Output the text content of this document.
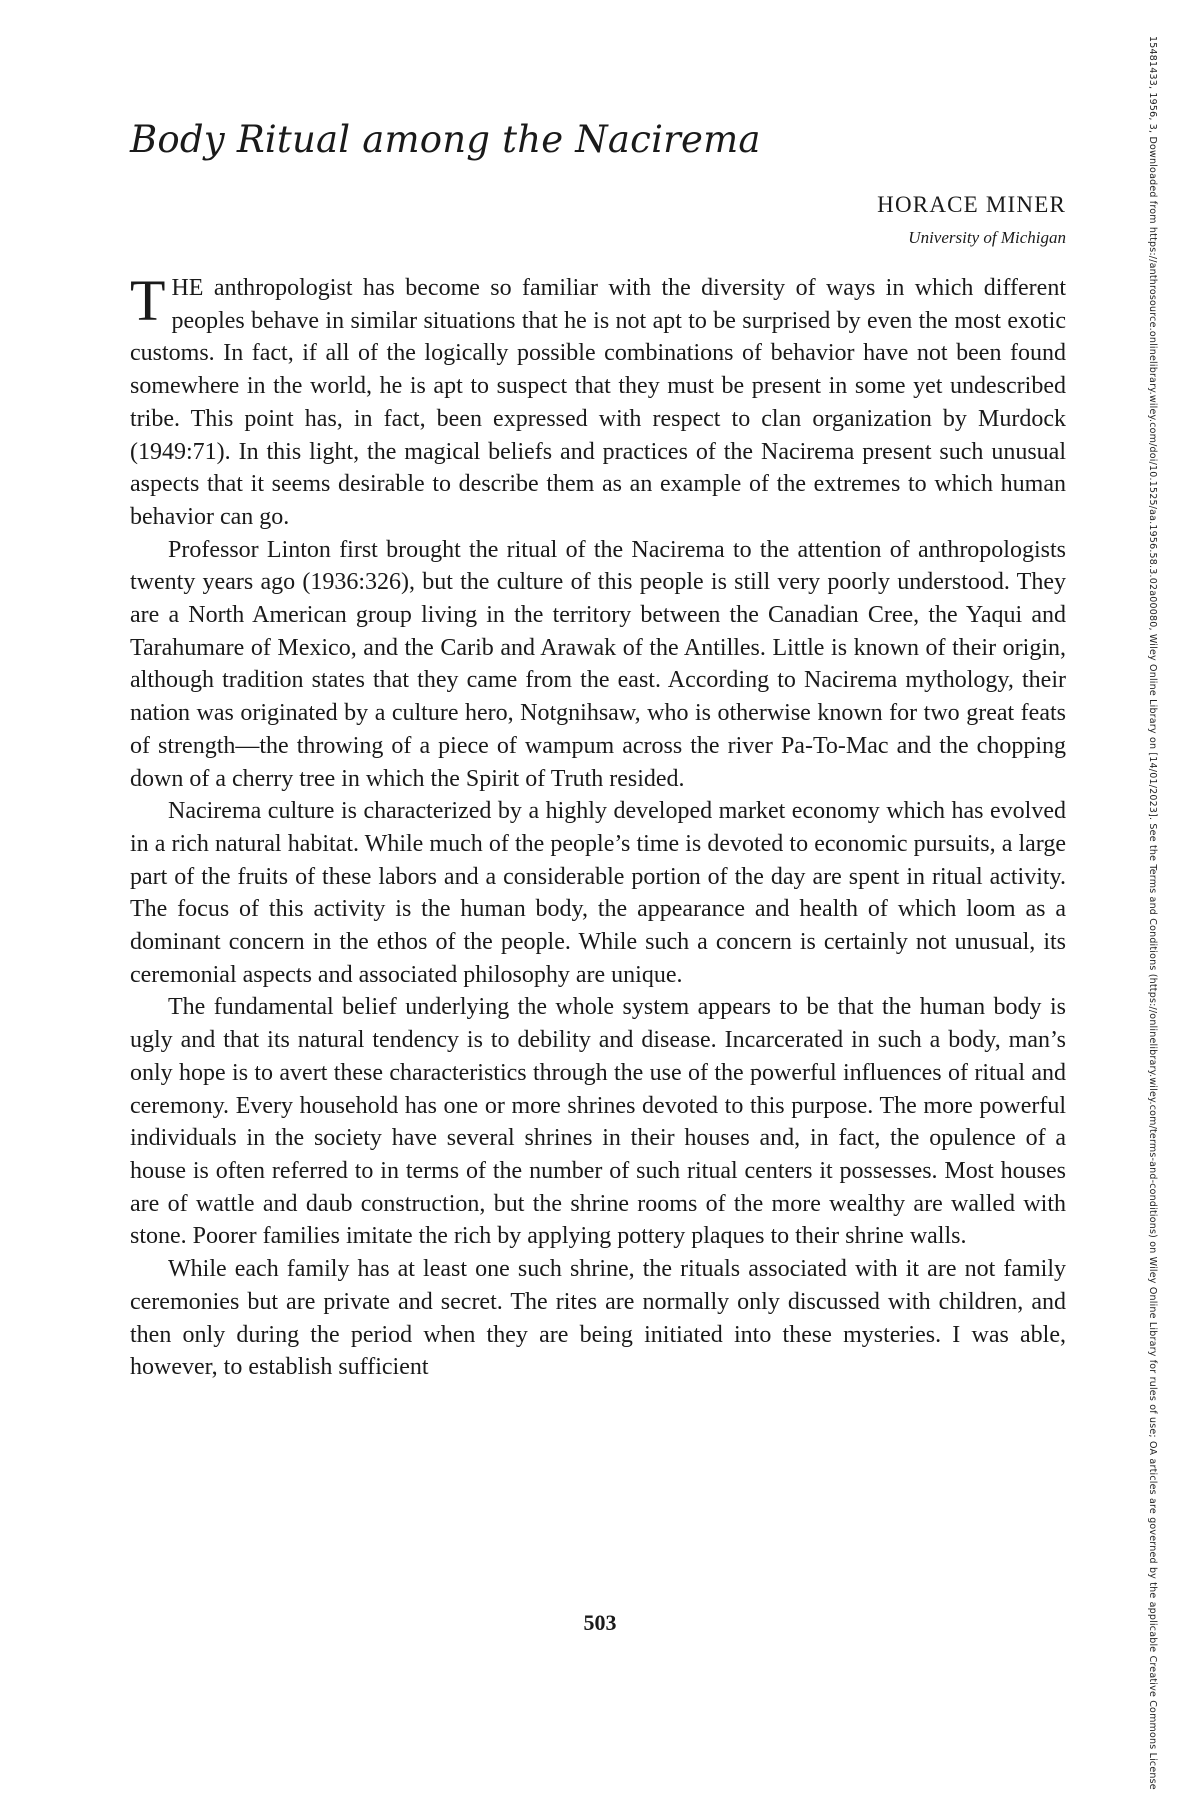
Body Ritual among the Nacirema
HORACE MINER
University of Michigan

THE anthropologist has become so familiar with the diversity of ways in which different peoples behave in similar situations that he is not apt to be surprised by even the most exotic customs. In fact, if all of the logically possible combinations of behavior have not been found somewhere in the world, he is apt to suspect that they must be present in some yet undescribed tribe. This point has, in fact, been expressed with respect to clan organization by Murdock (1949:71). In this light, the magical beliefs and practices of the Nacirema present such unusual aspects that it seems desirable to describe them as an example of the extremes to which human behavior can go.

Professor Linton first brought the ritual of the Nacirema to the attention of anthropologists twenty years ago (1936:326), but the culture of this people is still very poorly understood. They are a North American group living in the territory between the Canadian Cree, the Yaqui and Tarahumare of Mexico, and the Carib and Arawak of the Antilles. Little is known of their origin, although tradition states that they came from the east. According to Nacirema mythology, their nation was originated by a culture hero, Notgnihsaw, who is otherwise known for two great feats of strength—the throwing of a piece of wampum across the river Pa-To-Mac and the chopping down of a cherry tree in which the Spirit of Truth resided.

Nacirema culture is characterized by a highly developed market economy which has evolved in a rich natural habitat. While much of the people’s time is devoted to economic pursuits, a large part of the fruits of these labors and a considerable portion of the day are spent in ritual activity. The focus of this activity is the human body, the appearance and health of which loom as a dominant concern in the ethos of the people. While such a concern is certainly not unusual, its ceremonial aspects and associated philosophy are unique.

The fundamental belief underlying the whole system appears to be that the human body is ugly and that its natural tendency is to debility and disease. Incarcerated in such a body, man’s only hope is to avert these characteristics through the use of the powerful influences of ritual and ceremony. Every household has one or more shrines devoted to this purpose. The more powerful individuals in the society have several shrines in their houses and, in fact, the opulence of a house is often referred to in terms of the number of such ritual centers it possesses. Most houses are of wattle and daub construction, but the shrine rooms of the more wealthy are walled with stone. Poorer families imitate the rich by applying pottery plaques to their shrine walls.

While each family has at least one such shrine, the rituals associated with it are not family ceremonies but are private and secret. The rites are normally only discussed with children, and then only during the period when they are being initiated into these mysteries. I was able, however, to establish sufficient

503	15481433, 1956, 3, Downloaded from https://anthrosource.onlinelibrary.wiley.com/doi/10.1525/aa.1956.58.3.02a00080, Wiley Online Library on [14/01/2023]. See the Terms and Conditions (https://onlinelibrary.wiley.com/terms-and-conditions) on Wiley Online Library for rules of use; OA articles are governed by the applicable Creative Commons License
